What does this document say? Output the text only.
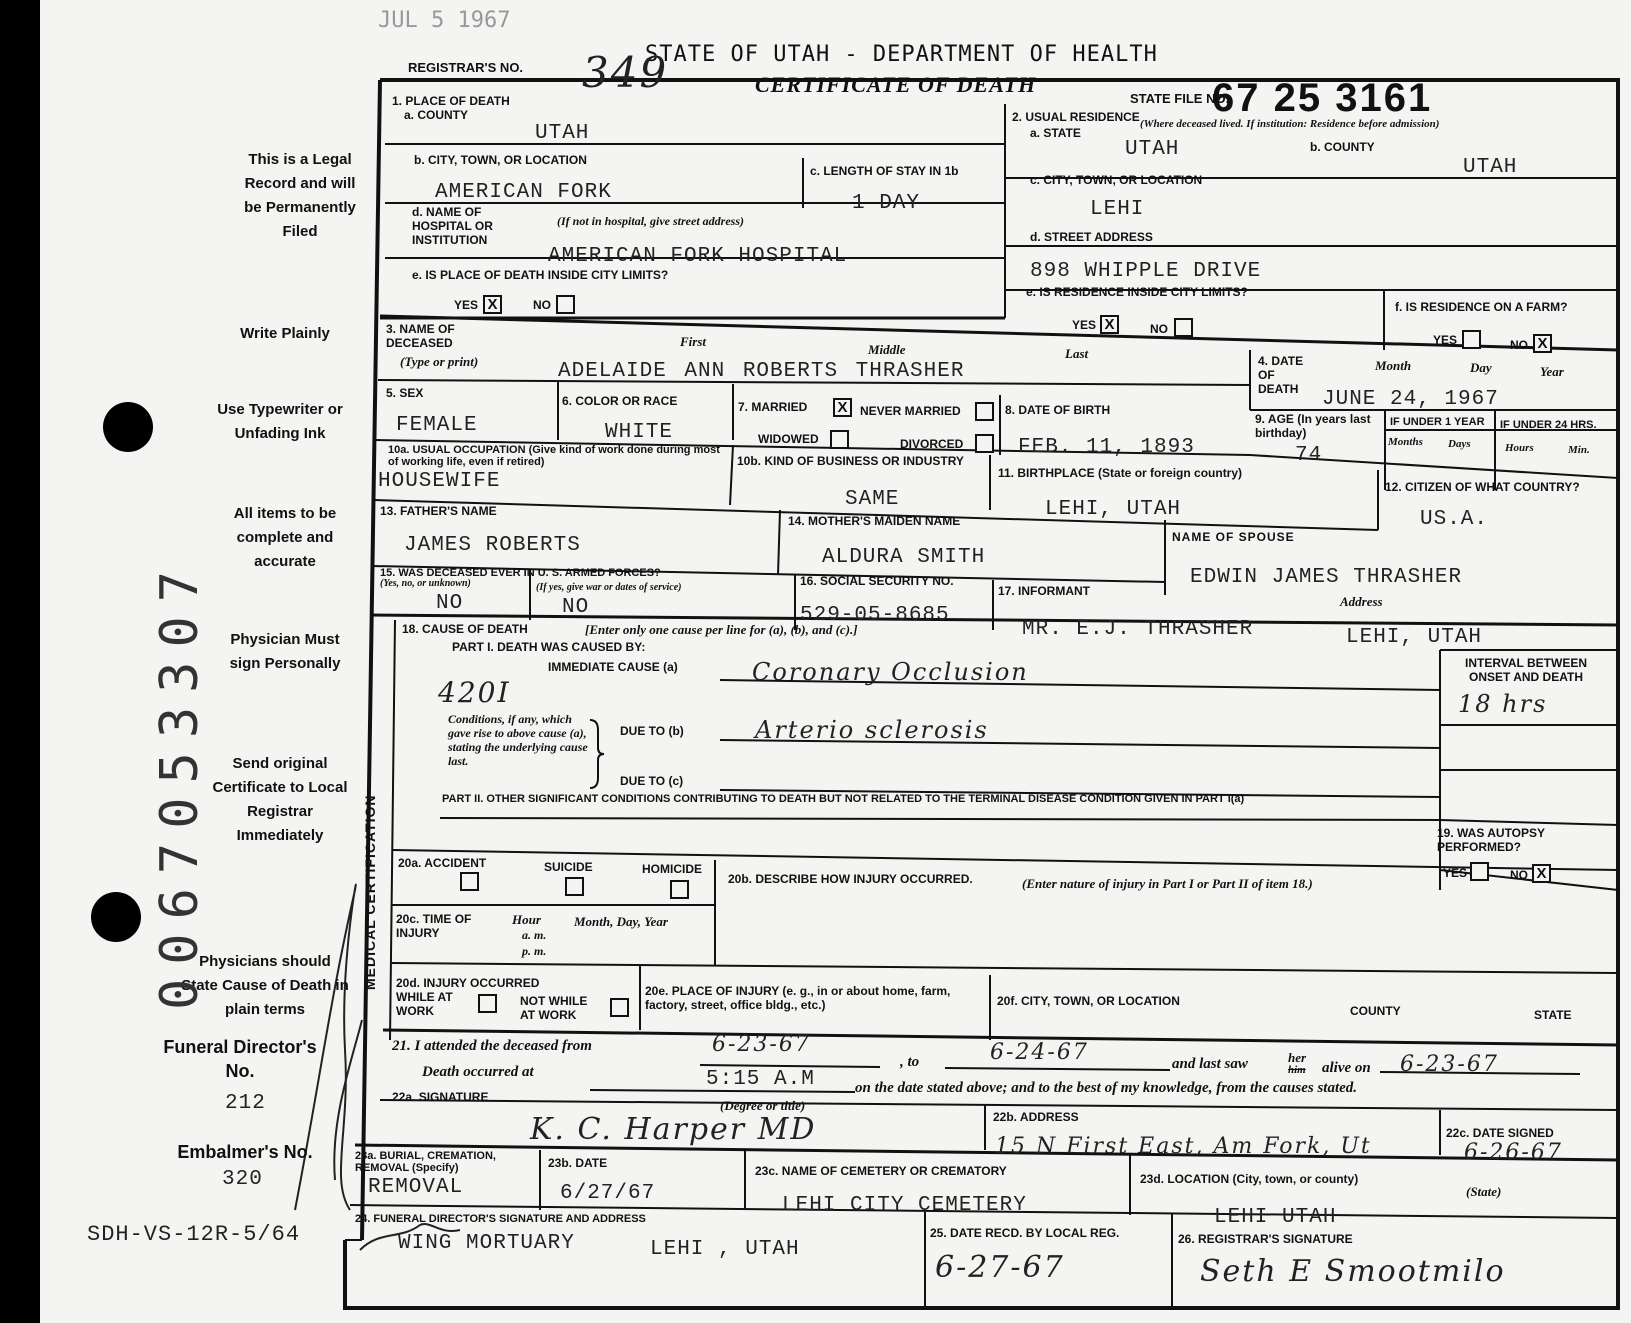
JUL 5 1967
STATE OF UTAH - DEPARTMENT OF HEALTH
CERTIFICATE OF DEATH
REGISTRAR'S NO. 349
STATE FILE NO.
67 25 3161
This is a Legal Record and will be Permanently Filed
Write Plainly
Use Typewriter or Unfading Ink
All items to be complete and accurate
Physician Must sign Personally
Send original Certificate to Local Registrar Immediately
Physicians should State Cause of Death in plain terms
Funeral Director's No.
212
Embalmer's No.
320
SDH-VS-12R-5/64
0067053307
1. PLACE OF DEATH
a. COUNTY
UTAH
b. CITY, TOWN, OR LOCATION
AMERICAN FORK
c. LENGTH OF STAY IN 1b
1 DAY
d. NAME OF HOSPITAL OR INSTITUTION
(If not in hospital, give street address)
AMERICAN FORK HOSPITAL
e. IS PLACE OF DEATH INSIDE CITY LIMITS?
YES X	NO
2. USUAL RESIDENCE (Where deceased lived. If institution: Residence before admission)
a. STATE
UTAH	b. COUNTY
UTAH
c. CITY, TOWN, OR LOCATION
LEHI
d. STREET ADDRESS
898 WHIPPLE DRIVE
e. IS RESIDENCE INSIDE CITY LIMITS?
YES X	NO
f. IS RESIDENCE ON A FARM?
YES	NO X
3. NAME OF DECEASED
(Type or print)
First
Middle	Last
ADELAIDE ANN ROBERTS THRASHER	4. DATE OF DEATH
Month	Day	Year
JUNE 24, 1967
5. SEX
FEMALE
6. COLOR OR RACE
WHITE
7. MARRIED X	NEVER MARRIED
WIDOWED	DIVORCED
8. DATE OF BIRTH
FEB. 11, 1893
9. AGE (In years last birthday)
74
IF UNDER 1 YEAR IF UNDER 24 HRS.
Months Days	Hours	Min.
10a. USUAL OCCUPATION (Give kind of work done during most of working life, even if retired)
HOUSEWIFE
10b. KIND OF BUSINESS OR INDUSTRY
SAME
11. BIRTHPLACE (State or foreign country)
LEHI, UTAH
12. CITIZEN OF WHAT COUNTRY?
US.A.
13. FATHER'S NAME
JAMES ROBERTS
14. MOTHER'S MAIDEN NAME
ALDURA SMITH
NAME OF SPOUSE
EDWIN JAMES THRASHER
15. WAS DECEASED EVER IN U. S. ARMED FORCES?
(Yes, no, or unknown)	(If yes, give war or dates of service)
NO	NO
16. SOCIAL SECURITY NO.
529-05-8685
17. INFORMANT
Address
MR. E.J. THRASHER	LEHI, UTAH
MEDICAL CERTIFICATION
18. CAUSE OF DEATH	[Enter only one cause per line for (a), (b), and (c).]
PART I. DEATH WAS CAUSED BY:
IMMEDIATE CAUSE (a)	Coronary Occlusion
420I
Conditions, if any, which gave rise to above cause (a), stating the underlying cause last.
DUE TO (b)	Arterio sclerosis
DUE TO (c)
INTERVAL BETWEEN ONSET AND DEATH
18 hrs
PART II. OTHER SIGNIFICANT CONDITIONS CONTRIBUTING TO DEATH BUT NOT RELATED TO THE TERMINAL DISEASE CONDITION GIVEN IN PART I(a)
19. WAS AUTOPSY PERFORMED?
YES	NO X
20a. ACCIDENT	SUICIDE	HOMICIDE
20b. DESCRIBE HOW INJURY OCCURRED.	(Enter nature of injury in Part I or Part II of item 18.)
20c. TIME OF INJURY
Hour
a. m.
p. m.
Month, Day, Year
20d. INJURY OCCURRED
WHILE AT WORK
NOT WHILE AT WORK
20e. PLACE OF INJURY (e. g., in or about home, farm, factory, street, office bldg., etc.)	20f. CITY, TOWN, OR LOCATION
COUNTY	STATE
21. I attended the deceased from	6-23-67
, to	6-24-67	and last saw	her
him alive on 6-23-67
Death occurred at	5:15 A.M	on the date stated above; and to the best of my knowledge, from the causes stated.
22a. SIGNATURE
(Degree or title)
K. C. Harper MD	22b. ADDRESS
15 N First East, Am Fork, Ut
22c. DATE SIGNED
6-26-67
23a. BURIAL, CREMATION, REMOVAL (Specify)
REMOVAL
23b. DATE
6/27/67
23c. NAME OF CEMETERY OR CREMATORY
LEHI CITY CEMETERY
23d. LOCATION (City, town, or county)
(State)
LEHI UTAH
24. FUNERAL DIRECTOR'S SIGNATURE AND ADDRESS
WING MORTUARY	LEHI , UTAH
25. DATE RECD. BY LOCAL REG.
6-27-67
26. REGISTRAR'S SIGNATURE
Seth E Smootmilo
